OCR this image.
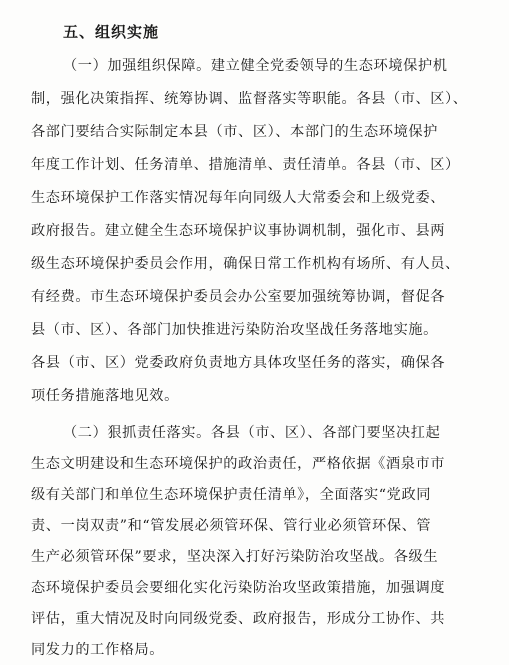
五、组织实施
（一）加强组织保障。建立健全党委领导的生态环境保护机
制，强化决策指挥、统筹协调、监督落实等职能。各县（市、区）、
各部门要结合实际制定本县（市、区）、本部门的生态环境保护
年度工作计划、任务清单、措施清单、责任清单。各县（市、区）
生态环境保护工作落实情况每年向同级人大常委会和上级党委、
政府报告。建立健全生态环境保护议事协调机制，强化市、县两
级生态环境保护委员会作用，确保日常工作机构有场所、有人员、
有经费。市生态环境保护委员会办公室要加强统筹协调，督促各
县（市、区）、各部门加快推进污染防治攻坚战任务落地实施。
各县（市、区）党委政府负责地方具体攻坚任务的落实，确保各
项任务措施落地见效。
（二）狠抓责任落实。各县（市、区）、各部门要坚决扛起
生态文明建设和生态环境保护的政治责任，严格依据《酒泉市市
级有关部门和单位生态环境保护责任清单》，全面落实“党政同
责、一岗双责”和“管发展必须管环保、管行业必须管环保、管
生产必须管环保”要求，坚决深入打好污染防治攻坚战。各级生
态环境保护委员会要细化实化污染防治攻坚政策措施，加强调度
评估，重大情况及时向同级党委、政府报告，形成分工协作、共
同发力的工作格局。
